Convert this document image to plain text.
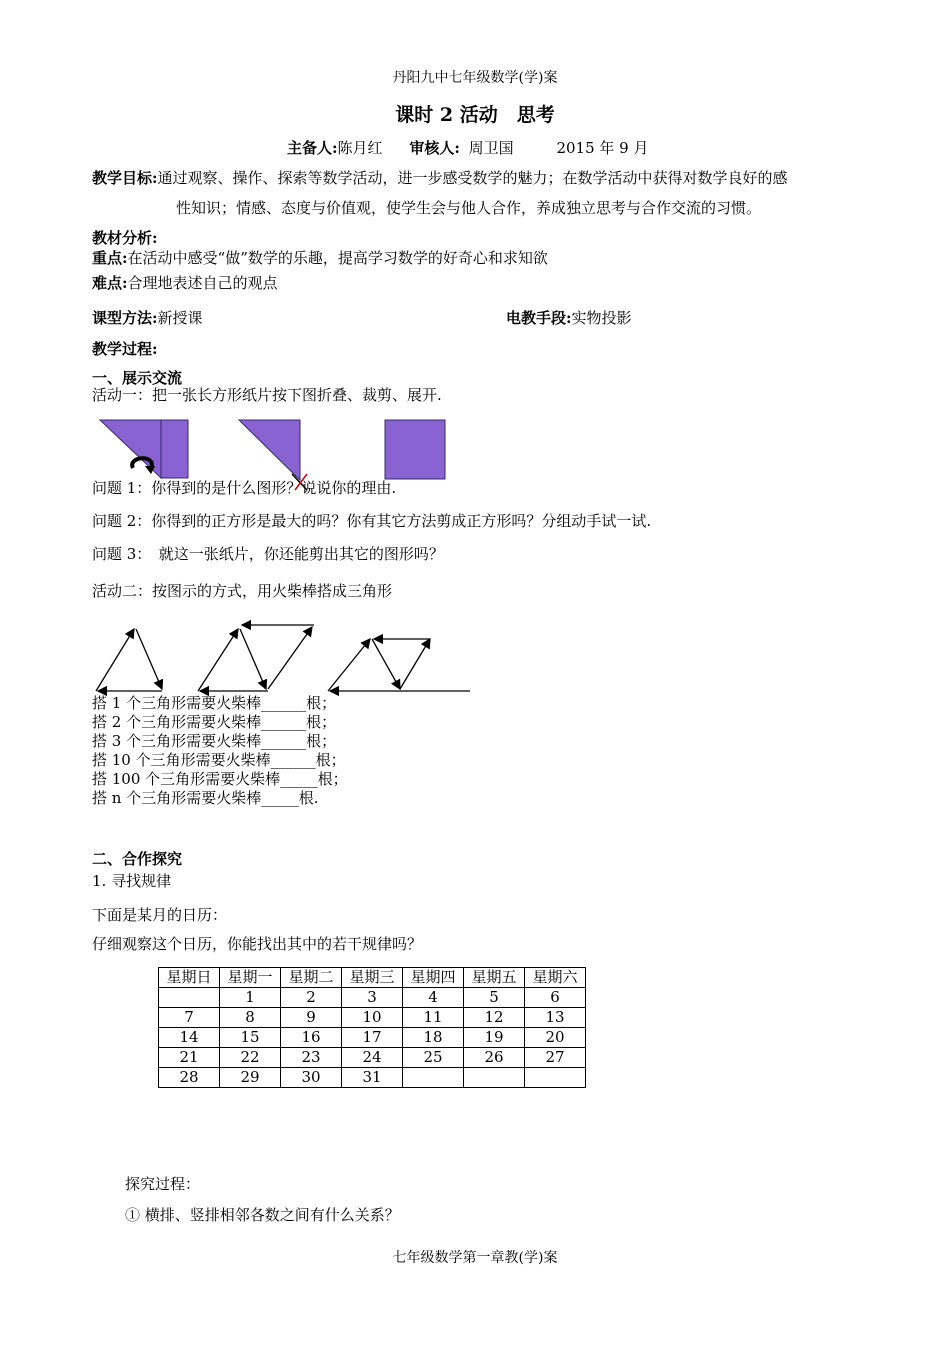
丹阳九中七年级数学(学)案
课时 2 活动　思考
主备人:陈月红 审核人: 周卫国	2015 年 9 月
教学目标:通过观察、操作、探索等数学活动，进一步感受数学的魅力；在数学活动中获得对数学良好的感
性知识；情感、态度与价值观，使学生会与他人合作，养成独立思考与合作交流的习惯。
教材分析:
重点:在活动中感受“做”数学的乐趣，提高学习数学的好奇心和求知欲
难点:合理地表述自己的观点
课型方法:新授课	电教手段:实物投影
教学过程:
一、展示交流
活动一：把一张长方形纸片按下图折叠、裁剪、展开.
问题 1：你得到的是什么图形？说说你的理由.
问题 2：你得到的正方形是最大的吗？你有其它方法剪成正方形吗？分组动手试一试.
问题 3：　就这一张纸片，你还能剪出其它的图形吗？
活动二：按图示的方式，用火柴棒搭成三角形
搭 1 个三角形需要火柴棒______根；
搭 2 个三角形需要火柴棒______根；
搭 3 个三角形需要火柴棒______根；
搭 10 个三角形需要火柴棒______根；
搭 100 个三角形需要火柴棒_____根；
搭 n 个三角形需要火柴棒_____根.
二、合作探究
1. 寻找规律
下面是某月的日历：
仔细观察这个日历，你能找出其中的若干规律吗？
星期日	星期一	星期二	星期三	星期四	星期五	星期六
	1	2	3	4	5	6
7	8	9	10	11	12	13
14	15	16	17	18	19	20
21	22	23	24	25	26	27
28	29	30	31			
探究过程：
① 横排、竖排相邻各数之间有什么关系？
七年级数学第一章教(学)案
